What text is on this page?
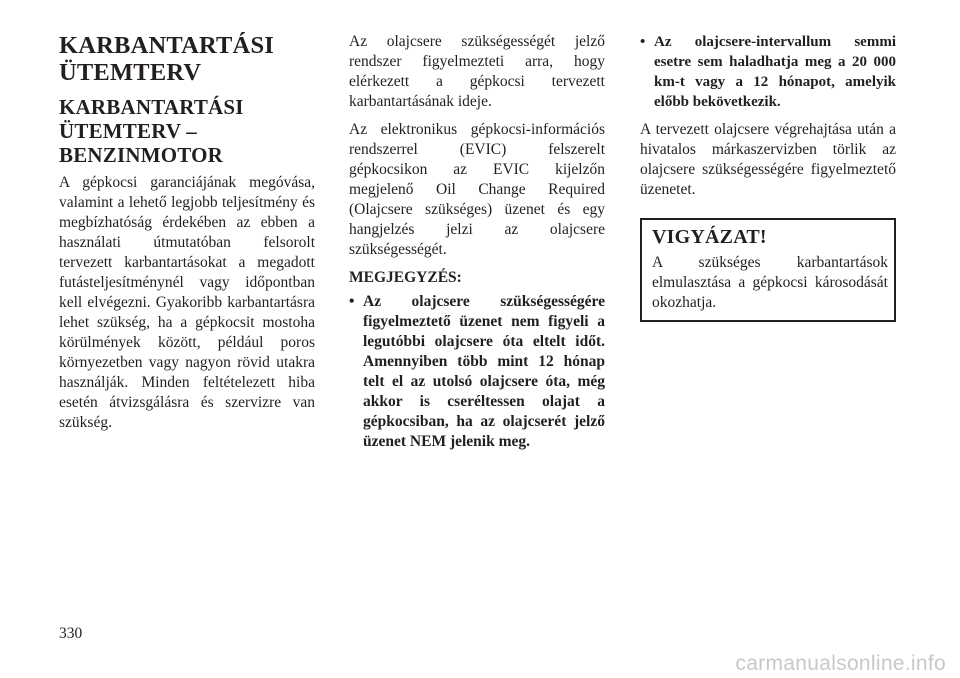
KARBANTARTÁSI ÜTEMTERV
KARBANTARTÁSI ÜTEMTERV – BENZINMOTOR

A gépkocsi garanciájának megóvása, valamint a lehető legjobb teljesítmény és megbízhatóság érdekében az ebben a használati útmutatóban felsorolt tervezett karbantartásokat a megadott futásteljesítménynél vagy időpontban kell elvégezni. Gyakoribb karbantartásra lehet szükség, ha a gépkocsit mostoha körülmények között, például poros környezetben vagy nagyon rövid utakra használják. Minden feltételezett hiba esetén átvizsgálásra és szervizre van szükség.

Az olajcsere szükségességét jelző rendszer figyelmezteti arra, hogy elérkezett a gépkocsi tervezett karbantartásának ideje.

Az elektronikus gépkocsi-információs rendszerrel (EVIC) felszerelt gépkocsikon az EVIC kijelzőn megjelenő Oil Change Required (Olajcsere szükséges) üzenet és egy hangjelzés jelzi az olajcsere szükségességét.

MEGJEGYZÉS:
• Az olajcsere szükségességére figyelmeztető üzenet nem figyeli a legutóbbi olajcsere óta eltelt időt. Amennyiben több mint 12 hónap telt el az utolsó olajcsere óta, még akkor is cseréltessen olajat a gépkocsiban, ha az olajcserét jelző üzenet NEM jelenik meg.
• Az olajcsere-intervallum semmi esetre sem haladhatja meg a 20 000 km-t vagy a 12 hónapot, amelyik előbb bekövetkezik.

A tervezett olajcsere végrehajtása után a hivatalos márkaszervizben törlik az olajcsere szükségességére figyelmeztető üzenetet.

VIGYÁZAT!

A szükséges karbantartások elmulasztása a gépkocsi károsodását okozhatja.

330
carmanualsonline.info
